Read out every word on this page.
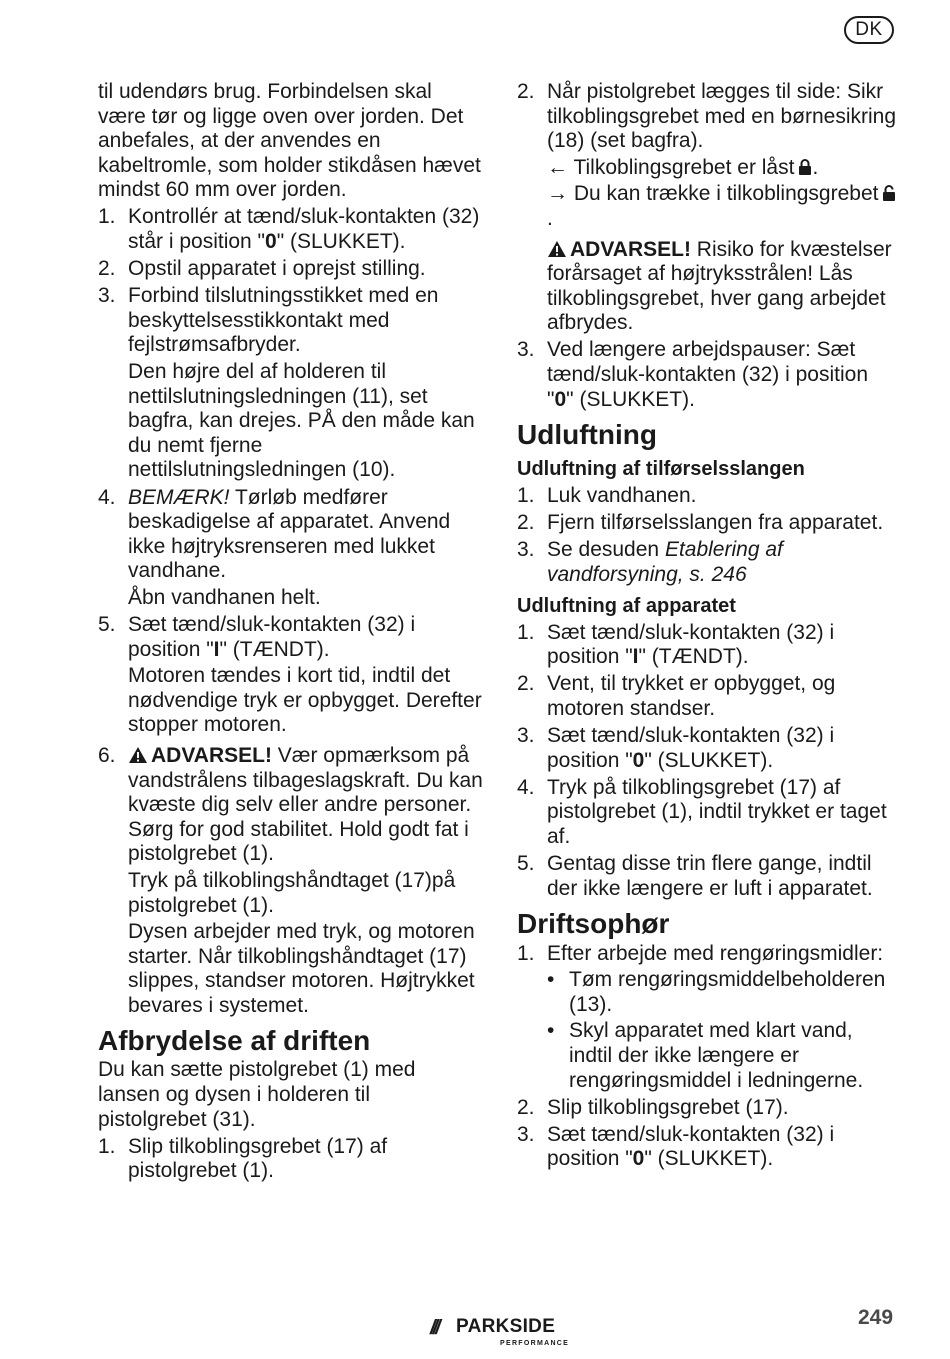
DK

til udendørs brug. Forbindelsen skal være tør og ligge oven over jorden. Det anbefales, at der anvendes en kabeltromle, som holder stikdåsen hævet mindst 60 mm over jorden.

1. Kontrollér at tænd/sluk-kontakten (32) står i position "0" (SLUKKET).
2. Opstil apparatet i oprejst stilling.
3. Forbind tilslutningsstikket med en beskyttelsesstikkontakt med fejlstrømsafbryder.

Den højre del af holderen til nettilslutningsledningen (11), set bagfra, kan drejes. PÅ den måde kan du nemt fjerne nettilslutningsledningen (10).

4. BEMÆRK! Tørløb medfører beskadigelse af apparatet. Anvend ikke højtryksrenseren med lukket vandhane.

Åbn vandhanen helt.

5. Sæt tænd/sluk-kontakten (32) i position "I" (TÆNDT).

Motoren tændes i kort tid, indtil det nødvendige tryk er opbygget. Derefter stopper motoren.

6. ADVARSEL! Vær opmærksom på vandstrålens tilbageslagskraft. Du kan kvæste dig selv eller andre personer. Sørg for god stabilitet. Hold godt fat i pistolgrebet (1).

Tryk på tilkoblingshåndtaget (17)på pistolgrebet (1).

Dysen arbejder med tryk, og motoren starter. Når tilkoblingshåndtaget (17) slippes, standser motoren. Højtrykket bevares i systemet.

Afbrydelse af driften

Du kan sætte pistolgrebet (1) med lansen og dysen i holderen til pistolgrebet (31).

1. Slip tilkoblingsgrebet (17) af pistolgrebet (1).
2. Når pistolgrebet lægges til side: Sikr tilkoblingsgrebet med en børnesikring (18) (set bagfra).

← Tilkoblingsgrebet er låst .

→ Du kan trække i tilkoblingsgrebet.

ADVARSEL! Risiko for kvæstelser forårsaget af højtryksstrålen! Lås tilkoblingsgrebet, hver gang arbejdet afbrydes.

3. Ved længere arbejdspauser: Sæt tænd/sluk-kontakten (32) i position "0" (SLUKKET).
Udluftning
Udluftning af tilførselsslangen
1. Luk vandhanen.
2. Fjern tilførselsslangen fra apparatet.
3. Se desuden Etablering af vandforsyning, s. 246
Udluftning af apparatet
1. Sæt tænd/sluk-kontakten (32) i position "I" (TÆNDT).
2. Vent, til trykket er opbygget, og motoren standser.
3. Sæt tænd/sluk-kontakten (32) i position "0" (SLUKKET).
4. Tryk på tilkoblingsgrebet (17) af pistolgrebet (1), indtil trykket er taget af.
5. Gentag disse trin flere gange, indtil der ikke længere er luft i apparatet.
Driftsophør
1. Efter arbejde med rengøringsmidler:
• Tøm rengøringsmiddelbeholderen (13).
• Skyl apparatet med klart vand, indtil der ikke længere er rengøringsmiddel i ledningerne.
2. Slip tilkoblingsgrebet (17).
3. Sæt tænd/sluk-kontakten (32) i position "0" (SLUKKET).
/// PARKSIDE
PERFORMANCE
249
